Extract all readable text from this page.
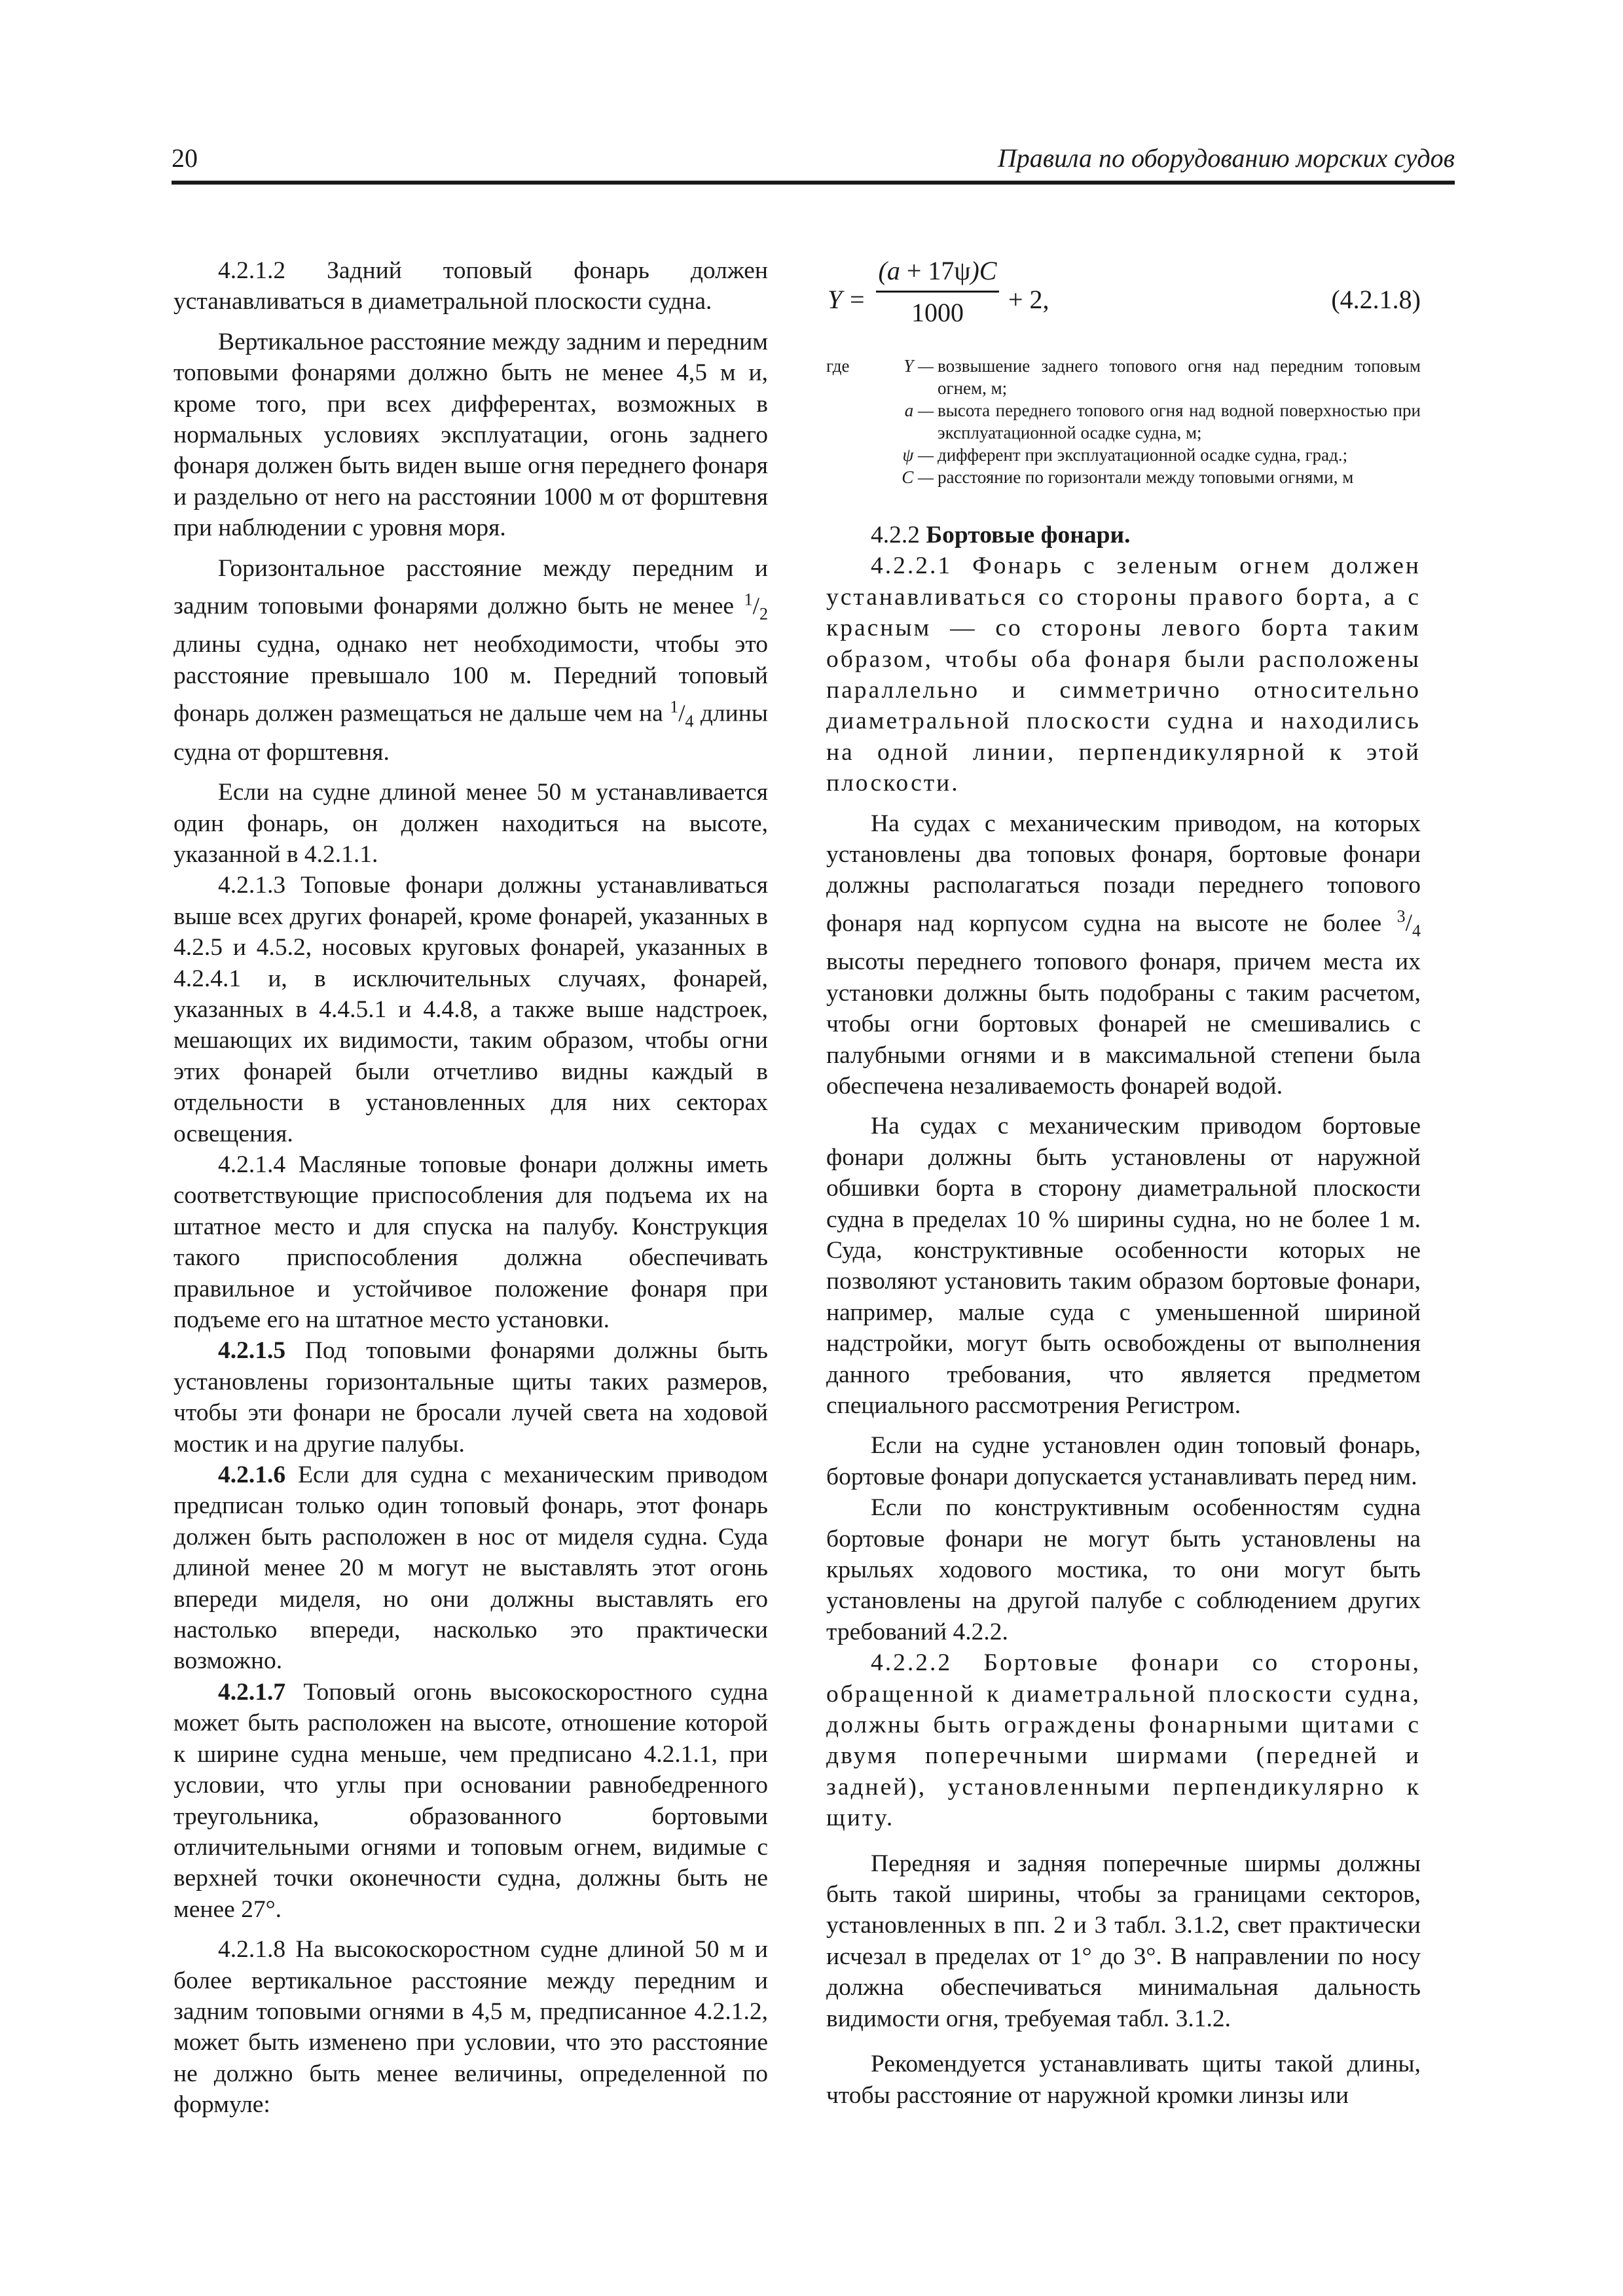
20	Правила по оборудованию морских судов

4.2.1.2 Задний топовый фонарь должен устанавливаться в диаметральной плоскости судна.

Вертикальное расстояние между задним и передним топовыми фонарями должно быть не менее 4,5 м и, кроме того, при всех дифферентах, возможных в нормальных условиях эксплуатации, огонь заднего фонаря должен быть виден выше огня переднего фонаря и раздельно от него на расстоянии 1000 м от форштевня при наблюдении с уровня моря.

Горизонтальное расстояние между передним и задним топовыми фонарями должно быть не менее $^1/_2$ длины судна, однако нет необходимости, чтобы это расстояние превышало 100 м. Передний топовый фонарь должен размещаться не дальше чем на $^1/_4$ длины судна от форштевня.

Если на судне длиной менее 50 м устанавливается один фонарь, он должен находиться на высоте, указанной в 4.2.1.1.

4.2.1.3 Топовые фонари должны устанавливаться выше всех других фонарей, кроме фонарей, указанных в 4.2.5 и 4.5.2, носовых круговых фонарей, указанных в 4.2.4.1 и, в исключительных случаях, фонарей, указанных в 4.4.5.1 и 4.4.8, а также выше надстроек, мешающих их видимости, таким образом, чтобы огни этих фонарей были отчетливо видны каждый в отдельности в установленных для них секторах освещения.

4.2.1.4 Масляные топовые фонари должны иметь соответствующие приспособления для подъема их на штатное место и для спуска на палубу. Конструкция такого приспособления должна обеспечивать правильное и устойчивое положение фонаря при подъеме его на штатное место установки.

4.2.1.5 Под топовыми фонарями должны быть установлены горизонтальные щиты таких размеров, чтобы эти фонари не бросали лучей света на ходовой мостик и на другие палубы.

4.2.1.6 Если для судна с механическим приводом предписан только один топовый фонарь, этот фонарь должен быть расположен в нос от миделя судна. Суда длиной менее 20 м могут не выставлять этот огонь впереди миделя, но они должны выставлять его настолько впереди, насколько это практически возможно.

4.2.1.7 Топовый огонь высокоскоростного судна может быть расположен на высоте, отношение которой к ширине судна меньше, чем предписано 4.2.1.1, при условии, что углы при основании равнобедренного треугольника, образованного бортовыми отличительными огнями и топовым огнем, видимые с верхней точки оконечности судна, должны быть не менее 27°.

4.2.1.8 На высокоскоростном судне длиной 50 м и более вертикальное расстояние между передним и задним топовыми огнями в 4,5 м, предписанное 4.2.1.2, может быть изменено при условии, что это расстояние не должно быть менее величины, определенной по формуле:

Y =
(a + 17ψ)C
1000	+ 2,	(4.2.1.8)
где	Y — возвышение заднего топового огня над передним топовым огнем, м;
a — высота переднего топового огня над водной поверхностью при эксплуатационной осадке судна, м;
ψ — дифферент при эксплуатационной осадке судна, град.;
C — расстояние по горизонтали между топовыми огнями, м

4.2.2 Бортовые фонари.

4.2.2.1 Фонарь с зеленым огнем должен устанавливаться со стороны правого борта, а с красным — со стороны левого борта таким образом, чтобы оба фонаря были расположены параллельно и симметрично относительно диаметральной плоскости судна и находились на одной линии, перпендикулярной к этой плоскости.

На судах с механическим приводом, на которых установлены два топовых фонаря, бортовые фонари должны располагаться позади переднего топового фонаря над корпусом судна на высоте не более $^3/_4$ высоты переднего топового фонаря, причем места их установки должны быть подобраны с таким расчетом, чтобы огни бортовых фонарей не смешивались с палубными огнями и в максимальной степени была обеспечена незаливаемость фонарей водой.

На судах с механическим приводом бортовые фонари должны быть установлены от наружной обшивки борта в сторону диаметральной плоскости судна в пределах 10 % ширины судна, но не более 1 м. Суда, конструктивные особенности которых не позволяют установить таким образом бортовые фонари, например, малые суда с уменьшенной шириной надстройки, могут быть освобождены от выполнения данного требования, что является предметом специального рассмотрения Регистром.

Если на судне установлен один топовый фонарь, бортовые фонари допускается устанавливать перед ним.

Если по конструктивным особенностям судна бортовые фонари не могут быть установлены на крыльях ходового мостика, то они могут быть установлены на другой палубе с соблюдением других требований 4.2.2.

4.2.2.2 Бортовые фонари со стороны, обращенной к диаметральной плоскости судна, должны быть ограждены фонарными щитами с двумя поперечными ширмами (передней и задней), установленными перпендикулярно к щиту.

Передняя и задняя поперечные ширмы должны быть такой ширины, чтобы за границами секторов, установленных в пп. 2 и 3 табл. 3.1.2, свет практически исчезал в пределах от 1° до 3°. В направлении по носу должна обеспечиваться минимальная дальность видимости огня, требуемая табл. 3.1.2.

Рекомендуется устанавливать щиты такой длины, чтобы расстояние от наружной кромки линзы или
